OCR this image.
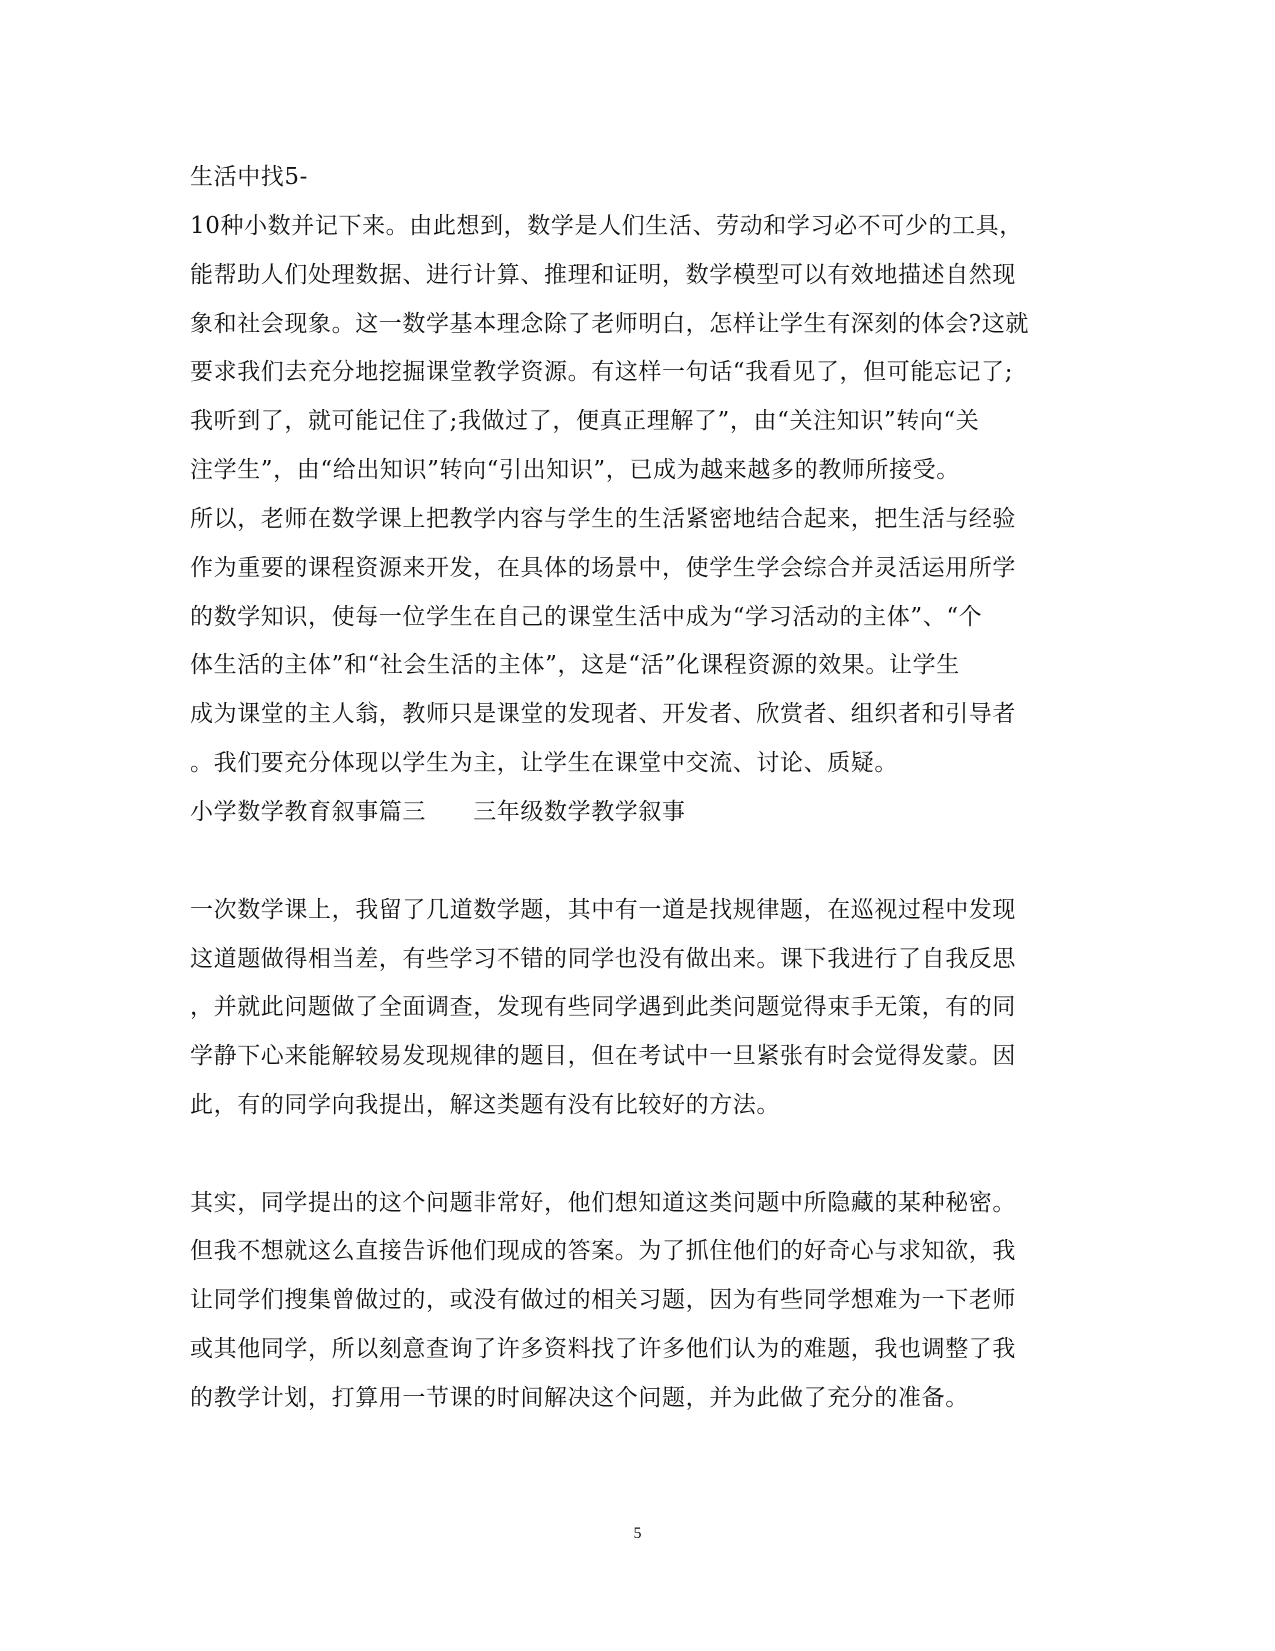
生活中找5-
10种小数并记下来。由此想到，数学是人们生活、劳动和学习必不可少的工具，
能帮助人们处理数据、进行计算、推理和证明，数学模型可以有效地描述自然现
象和社会现象。这一数学基本理念除了老师明白，怎样让学生有深刻的体会?这就
要求我们去充分地挖掘课堂教学资源。有这样一句话“我看见了，但可能忘记了;
我听到了，就可能记住了;我做过了，便真正理解了”，由“关注知识”转向“关
注学生”，由“给出知识”转向“引出知识”，已成为越来越多的教师所接受。
所以，老师在数学课上把教学内容与学生的生活紧密地结合起来，把生活与经验
作为重要的课程资源来开发，在具体的场景中，使学生学会综合并灵活运用所学
的数学知识，使每一位学生在自己的课堂生活中成为“学习活动的主体”、“个
体生活的主体”和“社会生活的主体”，这是“活”化课程资源的效果。让学生
成为课堂的主人翁，教师只是课堂的发现者、开发者、欣赏者、组织者和引导者
。我们要充分体现以学生为主，让学生在课堂中交流、讨论、质疑。
小学数学教育叙事篇三　　三年级数学教学叙事
一次数学课上，我留了几道数学题，其中有一道是找规律题，在巡视过程中发现
这道题做得相当差，有些学习不错的同学也没有做出来。课下我进行了自我反思
，并就此问题做了全面调查，发现有些同学遇到此类问题觉得束手无策，有的同
学静下心来能解较易发现规律的题目，但在考试中一旦紧张有时会觉得发蒙。因
此，有的同学向我提出，解这类题有没有比较好的方法。
其实，同学提出的这个问题非常好，他们想知道这类问题中所隐藏的某种秘密。
但我不想就这么直接告诉他们现成的答案。为了抓住他们的好奇心与求知欲，我
让同学们搜集曾做过的，或没有做过的相关习题，因为有些同学想难为一下老师
或其他同学，所以刻意查询了许多资料找了许多他们认为的难题，我也调整了我
的教学计划，打算用一节课的时间解决这个问题，并为此做了充分的准备。
5
